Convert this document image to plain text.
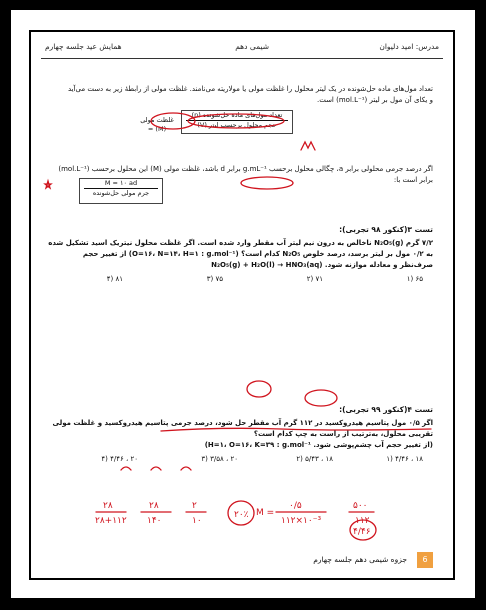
مدرس: امید دلیوان
شیمی دهم
همایش عید جلسه چهارم
تعداد مول‌های ماده حل‌شونده در یک لیتر محلول را غلظت مولی یا مولاریته می‌نامند. غلظت مولی از رابطهٔ زیر به دست می‌آید
و یکای آن مول بر لیتر (mol.L⁻¹) است.
تعداد مول‌های ماده حل‌شونده (n)
حجم محلول برحسب لیتر (V)
غلظت مولی (M) =
اگر درصد جرمی محلولی برابر a، چگالی محلول برحسب g.mL⁻¹ برابر d باشد، غلظت مولی (M) این محلول برحسب (mol.L⁻¹)
برابر است با:
M = ۱۰ ad
جرم مولی حل‌شونده
تست ۳(کنکور ۹۸ تجربی):
۷/۲ گرم N₂O₅(g) ناخالص به درون نیم لیتر آب مقطر وارد شده است. اگر غلظت محلول نیتریک اسید تشکیل شده
به ۰/۲ مول بر لیتر برسد، درصد خلوص N₂O₅ کدام است؟ (O=۱۶، N=۱۴، H=۱ : g.mol⁻¹) از تغییر حجم
صرف‌نظر و معادله موازنه شود. N₂O₅(g) + H₂O(l) → HNO₃(aq)
۶۵ (۱
۷۱ (۲
۷۵ (۳
۸۱ (۴
تست ۴(کنکور ۹۹ تجربی):
اگر ۰/۵ مول پتاسیم هیدروکسید در ۱۱۲ گرم آب مقطر حل شود، درصد جرمی پتاسیم هیدروکسید و غلظت مولی
تقریبی محلول، به‌ترتیب از راست به چپ کدام است؟
(از تغییر حجم آب چشم‌پوشی شود. H=۱، O=۱۶، K=۳۹ : g.mol⁻¹)
۱۸ ، ۴/۴۶ (۱
۱۸ ، ۵/۴۳ (۲
۲۰ ، ۳/۵۸ (۳
۲۰ ، ۴/۴۶ (۴
جزوه شیمی دهم جلسه چهارم	6
۲۸
۲۸+۱۱۲
۲۸
۱۴۰
۲
۱۰
۲۰٪ M =
۰/۵
۱۱۲×۱۰⁻³
۵۰۰
۱۱۲
۴/۴۶
